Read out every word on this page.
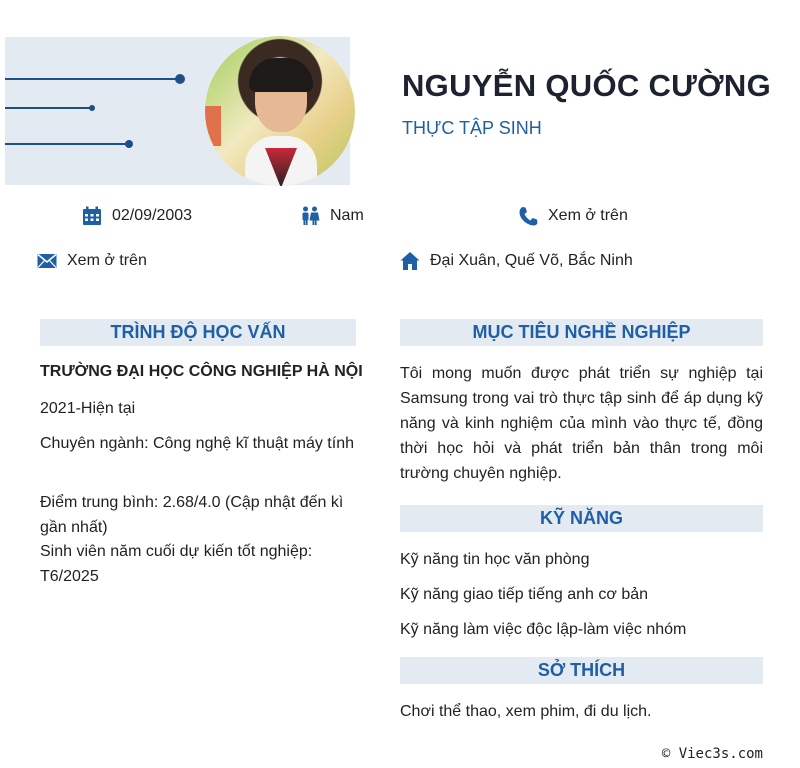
NGUYỄN QUỐC CƯỜNG
THỰC TẬP SINH
02/09/2003	Nam	Xem ở trên
Xem ở trên	Đại Xuân, Quế Võ, Bắc Ninh
TRÌNH ĐỘ HỌC VẤN
TRƯỜNG ĐẠI HỌC CÔNG NGHIỆP HÀ NỘI
2021-Hiện tại
Chuyên ngành: Công nghệ kĩ thuật máy tính
Điểm trung bình: 2.68/4.0 (Cập nhật đến kì gần nhất)
Sinh viên năm cuối dự kiến tốt nghiệp: T6/2025
MỤC TIÊU NGHỀ NGHIỆP
Tôi mong muốn được phát triển sự nghiệp tại Samsung trong vai trò thực tập sinh để áp dụng kỹ năng và kinh nghiệm của mình vào thực tế, đồng thời học hỏi và phát triển bản thân trong môi trường chuyên nghiệp.
KỸ NĂNG
Kỹ năng tin học văn phòng
Kỹ năng giao tiếp tiếng anh cơ bản
Kỹ năng làm việc độc lập-làm việc nhóm
SỞ THÍCH
Chơi thể thao, xem phim, đi du lịch.
© Viec3s.com
